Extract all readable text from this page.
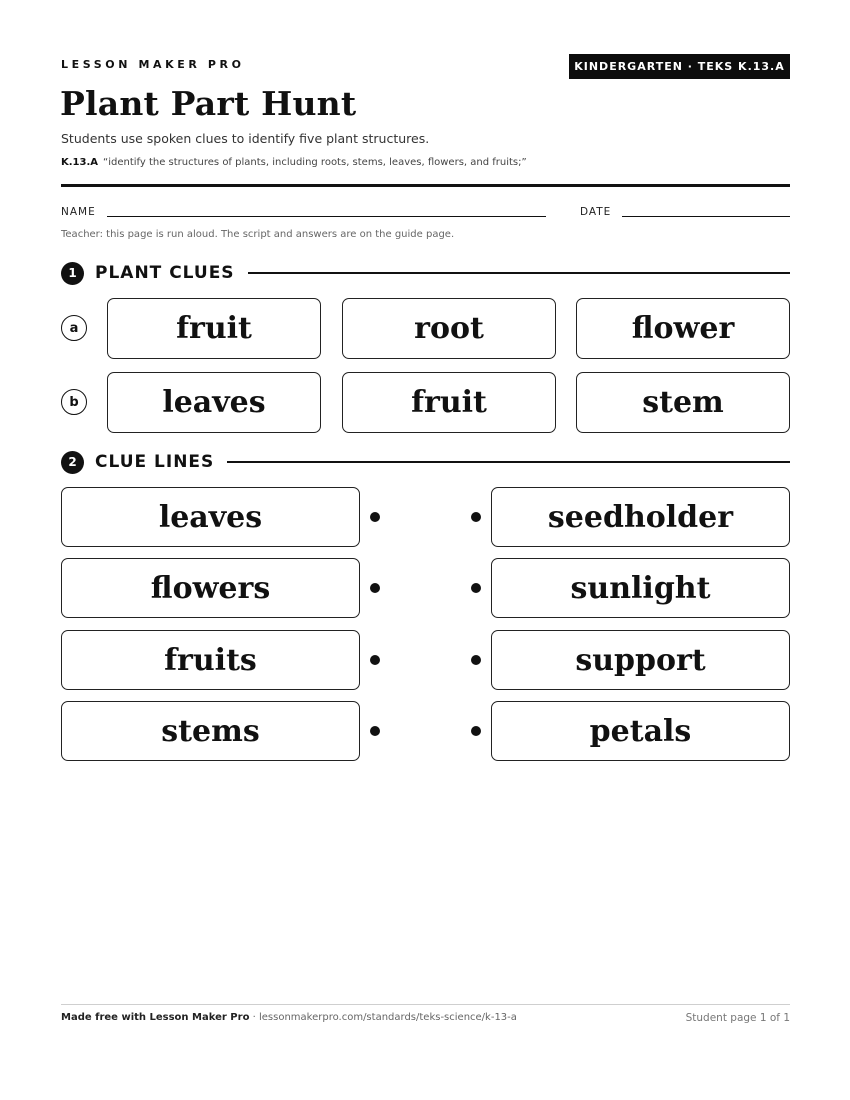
LESSON MAKER PRO	KINDERGARTEN · TEKS K.13.A
Plant Part Hunt
Students use spoken clues to identify five plant structures.
K.13.A “identify the structures of plants, including roots, stems, leaves, flowers, and fruits;”
NAME	DATE
Teacher: this page is run aloud. The script and answers are on the guide page.
1	PLANT CLUES
a	fruit	root	flower
b	leaves	fruit	stem
2	CLUE LINES
leaves	seedholder
flowers	sunlight
fruits	support
stems	petals
Made free with Lesson Maker Pro · lessonmakerpro.com/standards/teks-science/k-13-a	Student page 1 of 1
